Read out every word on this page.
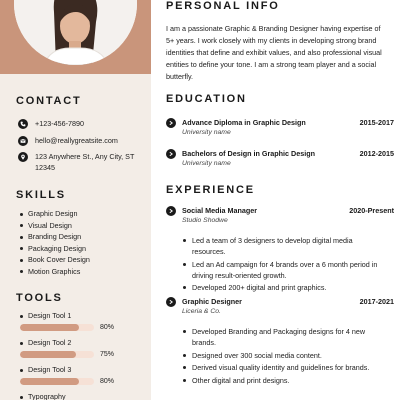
CONTACT
+123-456-7890
hello@reallygreatsite.com
123 Anywhere St., Any City, ST 12345
SKILLS
Graphic Design
Visual Design
Branding Design
Packaging Design
Book Cover Design
Motion Graphics
TOOLS
Design Tool 1
80%
Design Tool 2
75%
Design Tool 3
80%
Typography
PERSONAL INFO

I am a passionate Graphic & Branding Designer having expertise of 5+ years. I work closely with my clients in developing strong brand identities that define and exhibit values, and also professional visual entities to define your tone. I am a strong team player and a social butterfly.

EDUCATION
Advance Diploma in Graphic Design	2015-2017
University name
Bachelors of Design in Graphic Design	2012-2015
University name
EXPERIENCE
Social Media Manager	2020-Present
Studio Shodwe
Led a team of 3 designers to develop digital media resources.
Led an Ad campaign for 4 brands over a 6 month period in driving result-oriented growth.
Developed 200+ digital and print graphics.
Graphic Designer	2017-2021
Liceria & Co.
Developed Branding and Packaging designs for 4 new brands.
Designed over 300 social media content.
Derived visual quality identity and guidelines for brands.
Other digital and print designs.
